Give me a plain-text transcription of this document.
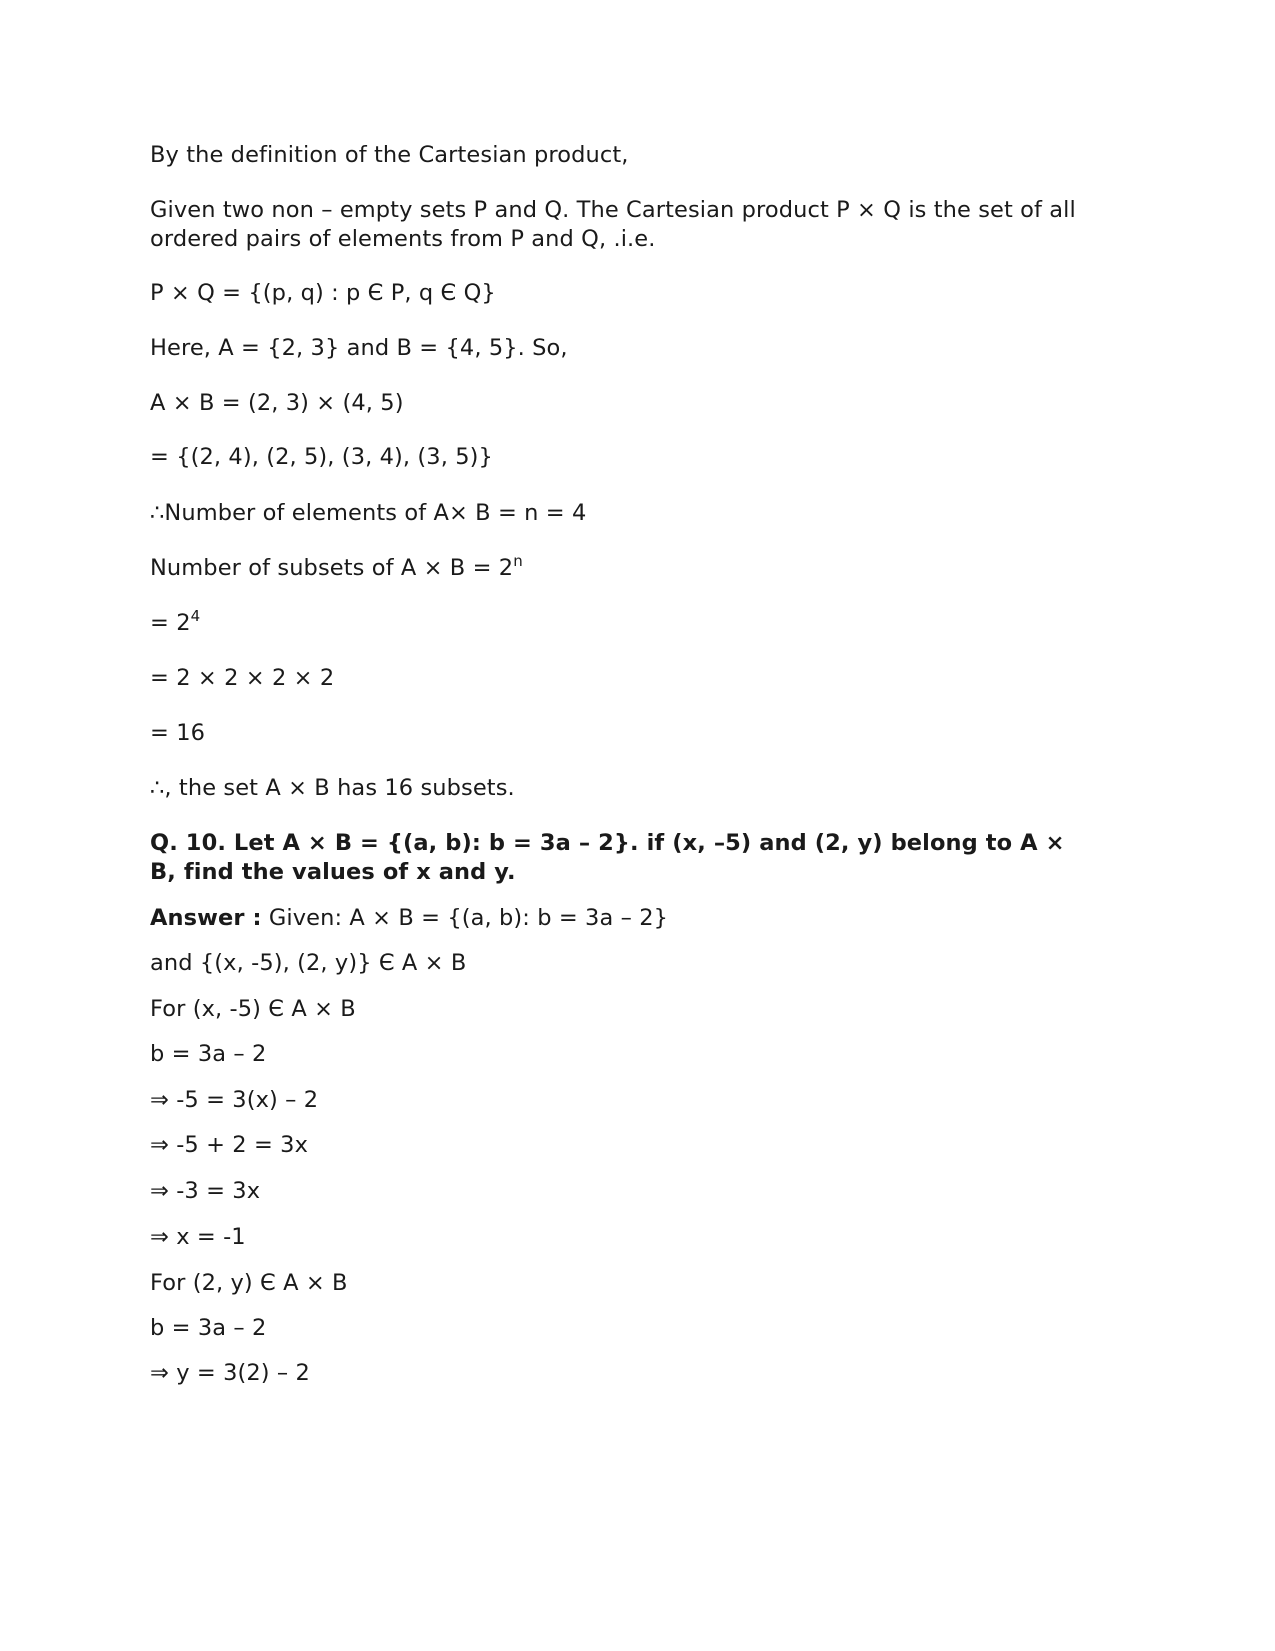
By the definition of the Cartesian product,
Given two non – empty sets P and Q. The Cartesian product P × Q is the set of all ordered pairs of elements from P and Q, .i.e.
P × Q = {(p, q) : p Є P, q Є Q}
Here, A = {2, 3} and B = {4, 5}. So,
A × B = (2, 3) × (4, 5)
= {(2, 4), (2, 5), (3, 4), (3, 5)}
∴Number of elements of A× B = n = 4
Number of subsets of $A \times B = 2^n$
= $2^4$
= 2 × 2 × 2 × 2
= 16
∴, the set A × B has 16 subsets.
Q. 10. Let A × B = {(a, b): b = 3a – 2}. if (x, –5) and (2, y) belong to A × B, find the values of x and y.
Answer : Given: A × B = {(a, b): b = 3a – 2}
and {(x, -5), (2, y)} Є A × B
For (x, -5) Є A × B
b = 3a – 2
⇒ -5 = 3(x) – 2
⇒ -5 + 2 = 3x
⇒ -3 = 3x
⇒ x = -1
For (2, y) Є A × B
b = 3a – 2
⇒ y = 3(2) – 2
